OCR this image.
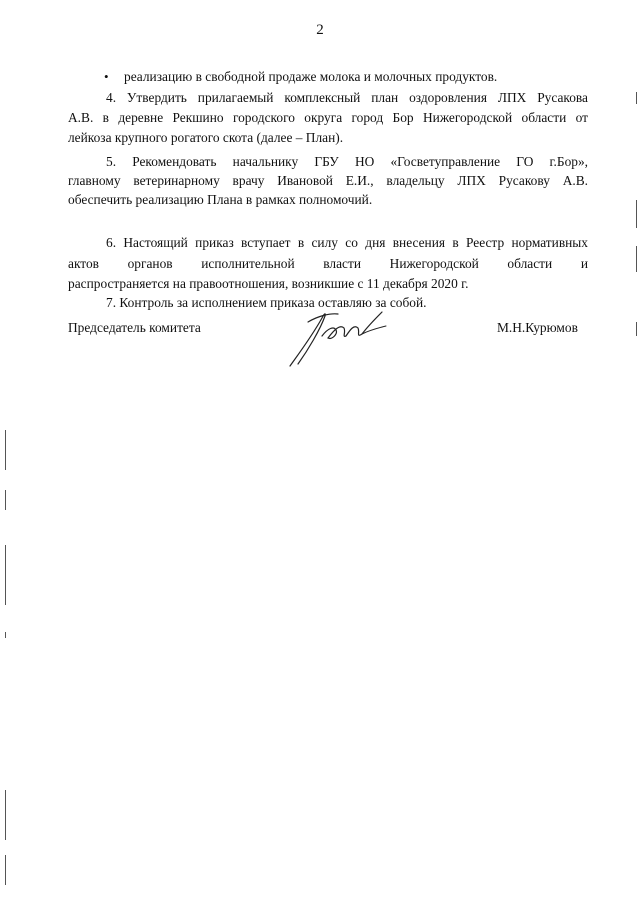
2
• реализацию в свободной продаже молока и молочных продуктов.
4. Утвердить прилагаемый комплексный план оздоровления ЛПХ Русакова
А.В. в деревне Рекшино городского округа город Бор Нижегородской области от
лейкоза крупного рогатого скота (далее – План).
5. Рекомендовать начальнику ГБУ НО «Госветуправление ГО г.Бор»,
главному ветеринарному врачу Ивановой Е.И., владельцу ЛПХ Русакову А.В.
обеспечить реализацию Плана в рамках полномочий.
6. Настоящий приказ вступает в силу со дня внесения в Реестр нормативных
актов органов исполнительной власти Нижегородской области и
распространяется на правоотношения, возникшие с 11 декабря 2020 г.
7. Контроль за исполнением приказа оставляю за собой.
Председатель комитета	М.Н.Курюмов
